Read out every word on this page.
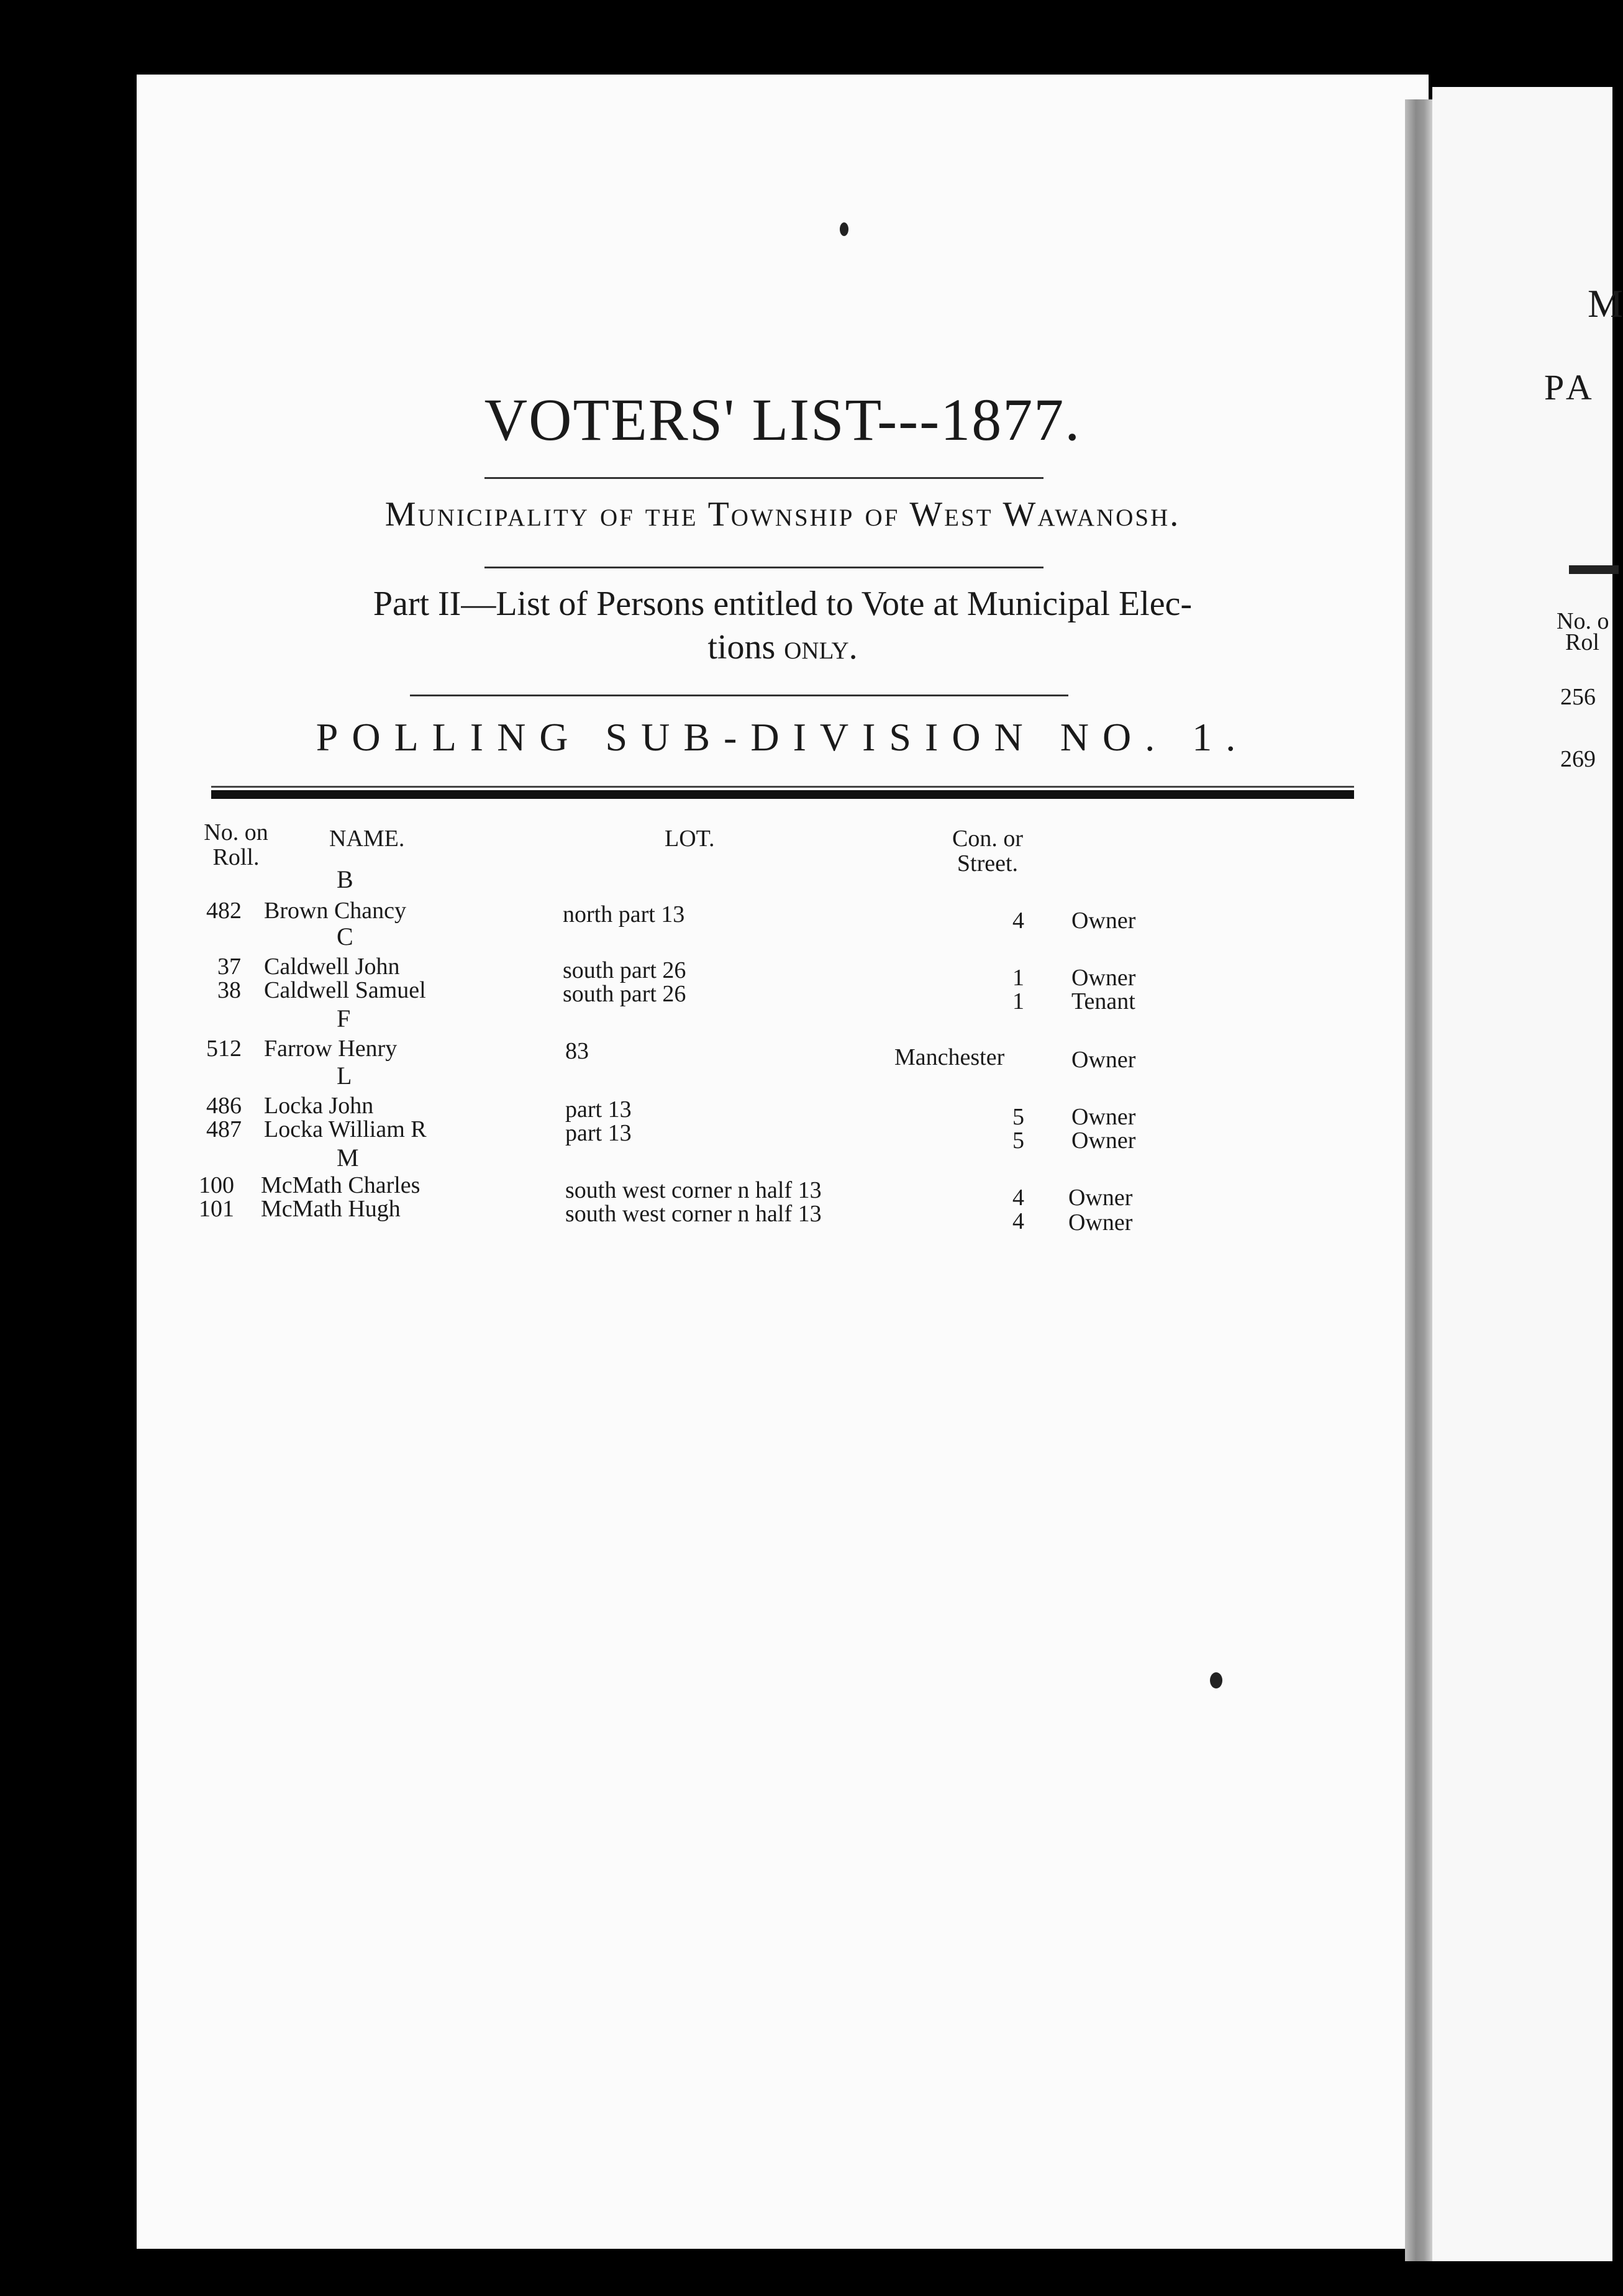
VOTERS' LIST---1877.
Municipality of the Township of West Wawanosh.
Part II—List of Persons entitled to Vote at Municipal Elec-
tions only.
POLLING SUB-DIVISION NO. 1.
No. on Roll.
NAME.	LOT.	Con. or Street.
B
C
F
L
M
482 Brown Chancy	north part 13	4 Owner
37 Caldwell John	south part 26	1 Owner
38 Caldwell Samuel	south part 26	1 Tenant
512 Farrow Henry	83	Manchester	Owner
486 Locka John	part 13	5 Owner
487 Locka William R	part 13	5 Owner
100 McMath Charles	south west corner n half 13	4 Owner
101 McMath Hugh	south west corner n half 13	4 Owner
M
PA
No. o
Rol
256
269
